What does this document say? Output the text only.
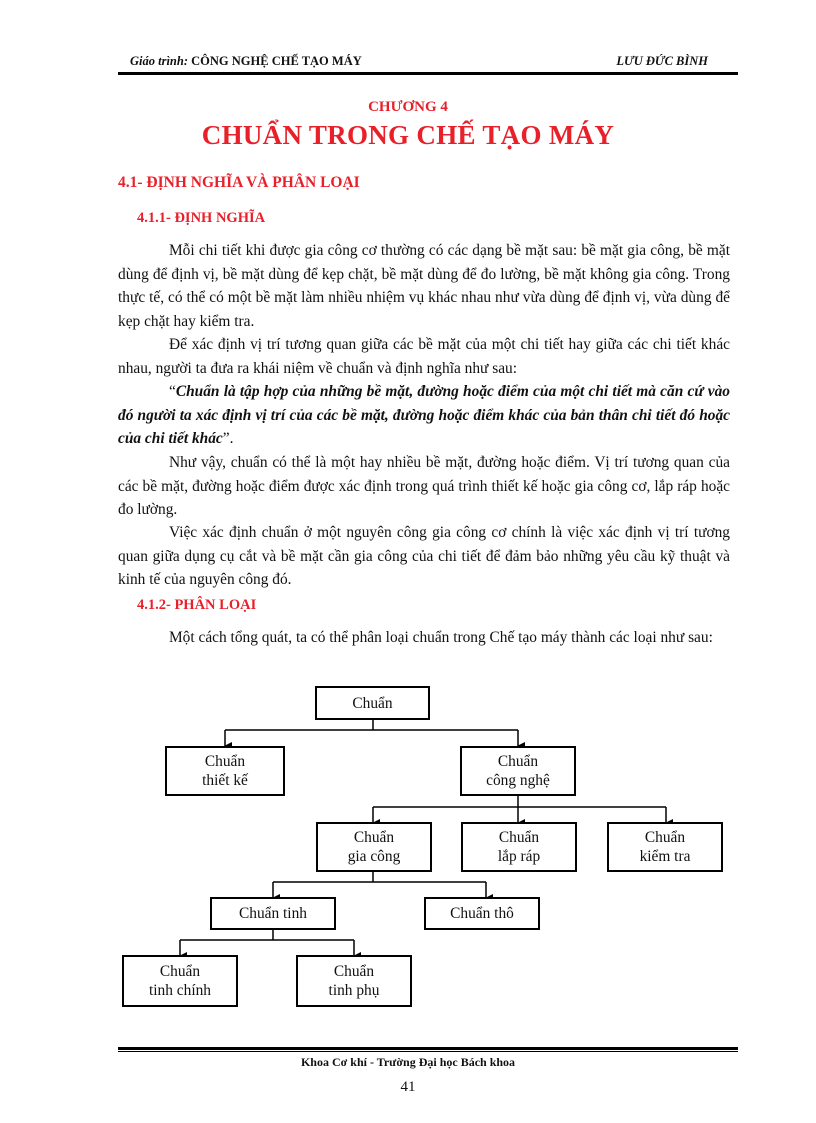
Giáo trình: CÔNG NGHỆ CHẾ TẠO MÁY	LƯU ĐỨC BÌNH
CHƯƠNG 4
CHUẨN TRONG CHẾ TẠO MÁY
4.1- ĐỊNH NGHĨA VÀ PHÂN LOẠI
4.1.1- ĐỊNH NGHĨA

Mỗi chi tiết khi được gia công cơ thường có các dạng bề mặt sau: bề mặt gia công, bề mặt dùng để định vị, bề mặt dùng để kẹp chặt, bề mặt dùng để đo lường, bề mặt không gia công. Trong thực tế, có thể có một bề mặt làm nhiều nhiệm vụ khác nhau như vừa dùng để định vị, vừa dùng để kẹp chặt hay kiểm tra.

Để xác định vị trí tương quan giữa các bề mặt của một chi tiết hay giữa các chi tiết khác nhau, người ta đưa ra khái niệm về chuẩn và định nghĩa như sau:

“Chuẩn là tập hợp của những bề mặt, đường hoặc điểm của một chi tiết mà căn cứ vào đó người ta xác định vị trí của các bề mặt, đường hoặc điểm khác của bản thân chi tiết đó hoặc của chi tiết khác”.

Như vậy, chuẩn có thể là một hay nhiều bề mặt, đường hoặc điểm. Vị trí tương quan của các bề mặt, đường hoặc điểm được xác định trong quá trình thiết kế hoặc gia công cơ, lắp ráp hoặc đo lường.

Việc xác định chuẩn ở một nguyên công gia công cơ chính là việc xác định vị trí tương quan giữa dụng cụ cắt và bề mặt cần gia công của chi tiết để đảm bảo những yêu cầu kỹ thuật và kinh tế của nguyên công đó.

4.1.2- PHÂN LOẠI

Một cách tổng quát, ta có thể phân loại chuẩn trong Chế tạo máy thành các loại như sau:

Chuẩn
Chuẩn
thiết kế
Chuẩn
công nghệ
Chuẩn
gia công
Chuẩn
lắp ráp
Chuẩn
kiểm tra
Chuẩn tinh	Chuẩn thô
Chuẩn
tinh chính
Chuẩn
tinh phụ
Khoa Cơ khí - Trường Đại học Bách khoa
41
